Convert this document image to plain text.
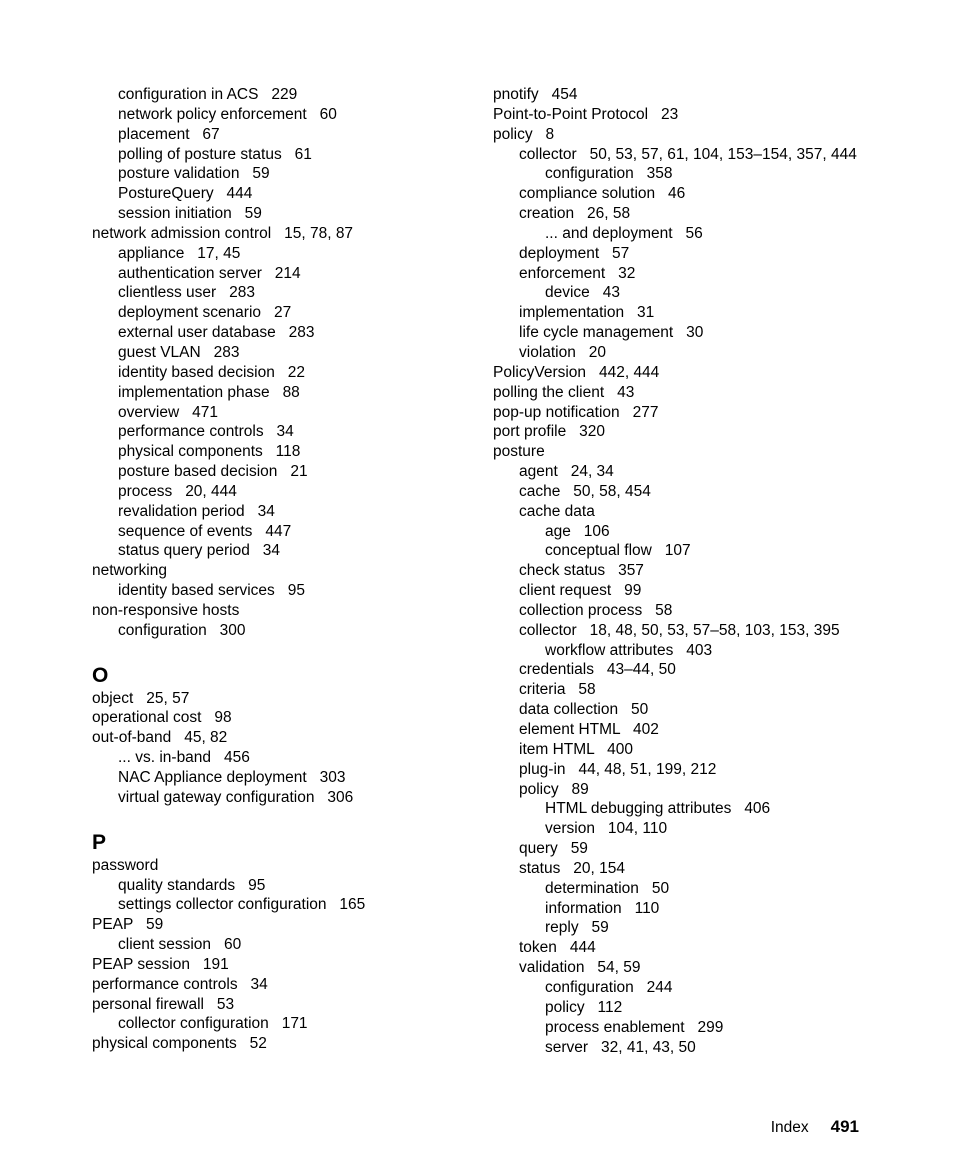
configuration in ACS   229
network policy enforcement   60
placement   67
polling of posture status   61
posture validation   59
PostureQuery   444
session initiation   59
network admission control   15, 78, 87
appliance   17, 45
authentication server   214
clientless user   283
deployment scenario   27
external user database   283
guest VLAN   283
identity based decision   22
implementation phase   88
overview   471
performance controls   34
physical components   118
posture based decision   21
process   20, 444
revalidation period   34
sequence of events   447
status query period   34
networking
identity based services   95
non-responsive hosts
configuration   300
O
object   25, 57
operational cost   98
out-of-band   45, 82
... vs. in-band   456
NAC Appliance deployment   303
virtual gateway configuration   306
P
password
quality standards   95
settings collector configuration   165
PEAP   59
client session   60
PEAP session   191
performance controls   34
personal firewall   53
collector configuration   171
physical components   52
pnotify   454
Point-to-Point Protocol   23
policy   8
collector   50, 53, 57, 61, 104, 153–154, 357, 444
configuration   358
compliance solution   46
creation   26, 58
... and deployment   56
deployment   57
enforcement   32
device   43
implementation   31
life cycle management   30
violation   20
PolicyVersion   442, 444
polling the client   43
pop-up notification   277
port profile   320
posture
agent   24, 34
cache   50, 58, 454
cache data
age   106
conceptual flow   107
check status   357
client request   99
collection process   58
collector   18, 48, 50, 53, 57–58, 103, 153, 395
workflow attributes   403
credentials   43–44, 50
criteria   58
data collection   50
element HTML   402
item HTML   400
plug-in   44, 48, 51, 199, 212
policy   89
HTML debugging attributes   406
version   104, 110
query   59
status   20, 154
determination   50
information   110
reply   59
token   444
validation   54, 59
configuration   244
policy   112
process enablement   299
server   32, 41, 43, 50

Index 491
